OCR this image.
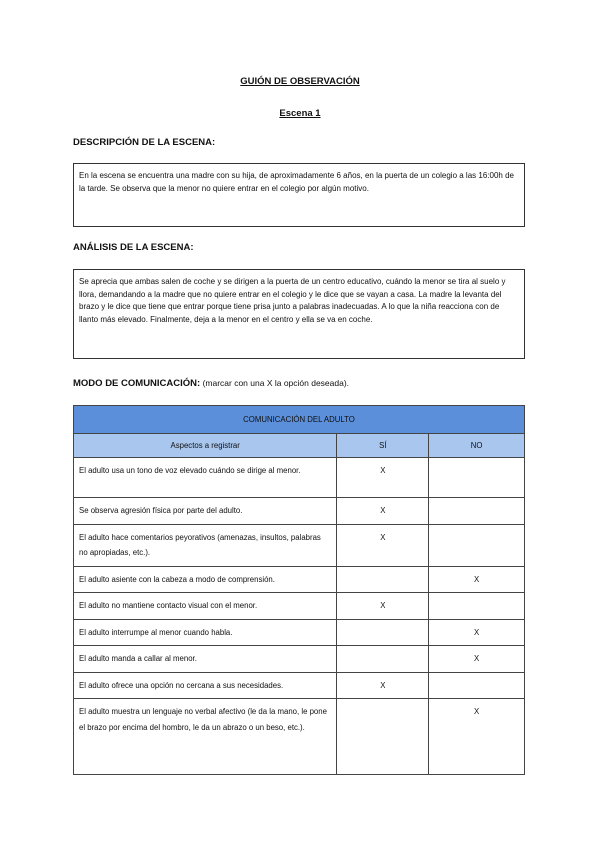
GUIÓN DE OBSERVACIÓN
Escena 1
DESCRIPCIÓN DE LA ESCENA:
En la escena se encuentra una madre con su hija, de aproximadamente 6 años, en la puerta de un colegio a las 16:00h de la tarde. Se observa que la menor no quiere entrar en el colegio por algún motivo.
ANÁLISIS DE LA ESCENA:
Se aprecia que ambas salen de coche y se dirigen a la puerta de un centro educativo, cuándo la menor se tira al suelo y llora, demandando a la madre que no quiere entrar en el colegio y le dice que se vayan a casa. La madre la levanta del brazo y le dice que tiene que entrar porque tiene prisa junto a palabras inadecuadas. A lo que la niña reacciona con de llanto más elevado. Finalmente, deja a la menor en el centro y ella se va en coche.
MODO DE COMUNICACIÓN: (marcar con una X la opción deseada).
COMUNICACIÓN DEL ADULTO		
Aspectos a registrar	SÍ	NO
El adulto usa un tono de voz elevado cuándo se dirige al menor.	X	
Se observa agresión física por parte del adulto.	X	
El adulto hace comentarios peyorativos (amenazas, insultos, palabras no apropiadas, etc.).	X	
El adulto asiente con la cabeza a modo de comprensión.		X
El adulto no mantiene contacto visual con el menor.	X	
El adulto interrumpe al menor cuando habla.		X
El adulto manda a callar al menor.		X
El adulto ofrece una opción no cercana a sus necesidades.	X	
El adulto muestra un lenguaje no verbal afectivo (le da la mano, le pone el brazo por encima del hombro, le da un abrazo o un beso, etc.).		X
